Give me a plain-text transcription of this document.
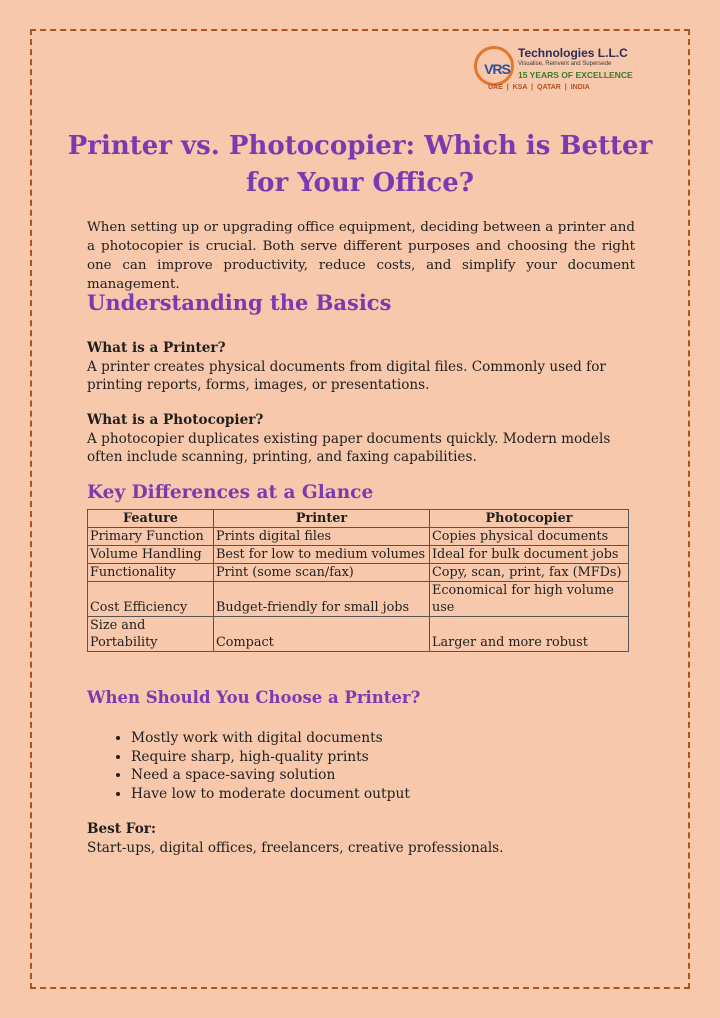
VRS
Technologies L.L.C
Visualise, Reinvent and Supersede
15 YEARS OF EXCELLENCE
UAE | KSA | QATAR | INDIA
Printer vs. Photocopier: Which is Better for Your Office?

When setting up or upgrading office equipment, deciding between a printer and a photocopier is crucial. Both serve different purposes and choosing the right one can improve productivity, reduce costs, and simplify your document management.

Understanding the Basics
What is a Printer?
A printer creates physical documents from digital files. Commonly used for printing reports, forms, images, or presentations.
What is a Photocopier?
A photocopier duplicates existing paper documents quickly. Modern models often include scanning, printing, and faxing capabilities.
Key Differences at a Glance
Feature	Printer	Photocopier
Primary Function	Prints digital files	Copies physical documents
Volume Handling	Best for low to medium volumes	Ideal for bulk document jobs
Functionality	Print (some scan/fax)	Copy, scan, print, fax (MFDs)
Cost Efficiency	Budget-friendly for small jobs	Economical for high volume use
Size and Portability	Compact	Larger and more robust
When Should You Choose a Printer?
• Mostly work with digital documents
• Require sharp, high-quality prints
• Need a space-saving solution
• Have low to moderate document output
Best For:
Start-ups, digital offices, freelancers, creative professionals.
